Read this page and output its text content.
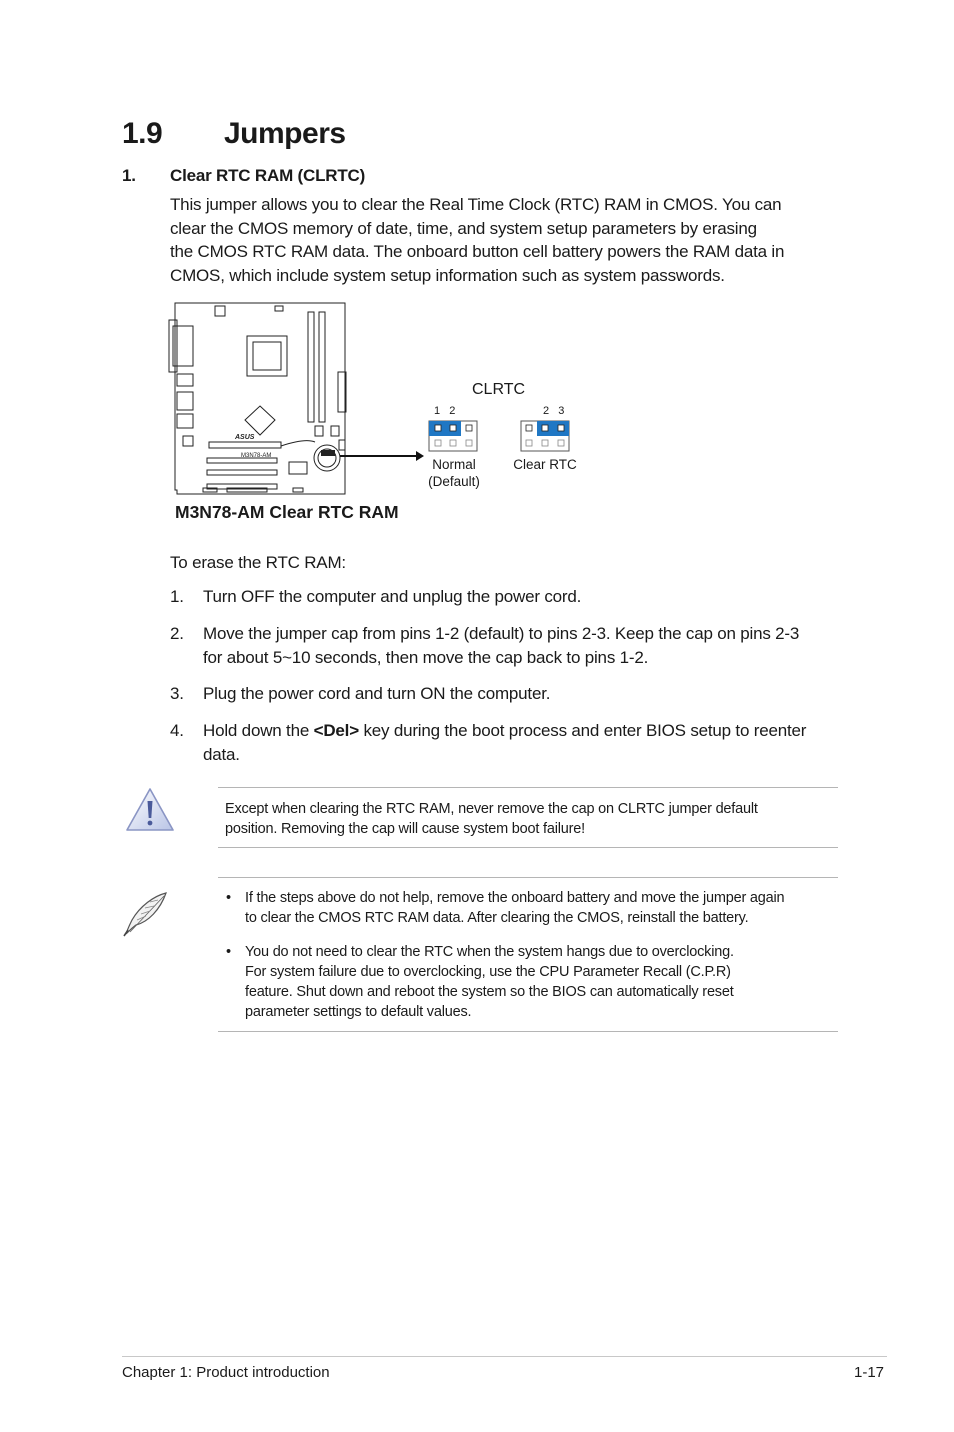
1.9 Jumpers
1. Clear RTC RAM (CLRTC)
This jumper allows you to clear the Real Time Clock (RTC) RAM in CMOS. You can
clear the CMOS memory of date, time, and system setup parameters by erasing
the CMOS RTC RAM data. The onboard button cell battery powers the RAM data in
CMOS, which include system setup information such as system passwords.
ASUS
M3N78-AM
CLRTC
1   2
Normal
(Default)
2   3
Clear RTC
M3N78-AM Clear RTC RAM
To erase the RTC RAM:
1. Turn OFF the computer and unplug the power cord.
2. Move the jumper cap from pins 1-2 (default) to pins 2-3. Keep the cap on pins 2-3
for about 5~10 seconds, then move the cap back to pins 1-2.
3. Plug the power cord and turn ON the computer.
4. Hold down the <Del> key during the boot process and enter BIOS setup to reenter
data.
Except when clearing the RTC RAM, never remove the cap on CLRTC jumper default
position. Removing the cap will cause system boot failure!
• If the steps above do not help, remove the onboard battery and move the jumper again
to clear the CMOS RTC RAM data. After clearing the CMOS, reinstall the battery.
• You do not need to clear the RTC when the system hangs due to overclocking.
For system failure due to overclocking, use the CPU Parameter Recall (C.P.R)
feature. Shut down and reboot the system so the BIOS can automatically reset
parameter settings to default values.
Chapter 1: Product introduction	1-17
